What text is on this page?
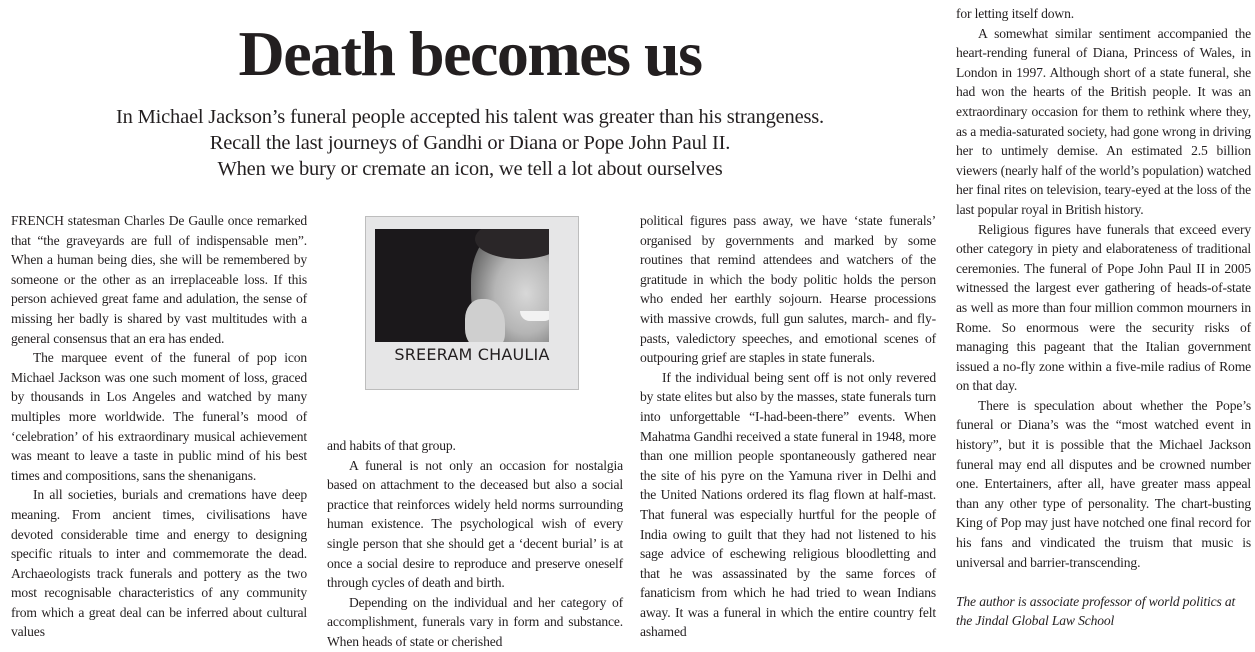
Death becomes us
In Michael Jackson’s funeral people accepted his talent was greater than his strangeness.
Recall the last journeys of Gandhi or Diana or Pope John Paul II.
When we bury or cremate an icon, we tell a lot about ourselves

FRENCH statesman Charles De Gaulle once remarked that “the graveyards are full of indispensable men”. When a human being dies, she will be remembered by someone or the other as an irreplaceable loss. If this person achieved great fame and adulation, the sense of missing her badly is shared by vast multitudes with a general consensus that an era has ended.

The marquee event of the funeral of pop icon Michael Jackson was one such moment of loss, graced by thousands in Los Angeles and watched by many multiples more worldwide. The funeral’s mood of ‘celebration’ of his extraordinary musical achievement was meant to leave a taste in public mind of his best times and compositions, sans the shenanigans.

In all societies, burials and cremations have deep meaning. From ancient times, civilisations have devoted considerable time and energy to designing specific rituals to inter and commemorate the dead. Archaeologists track funerals and pottery as the two most recognisable characteristics of any community from which a great deal can be inferred about cultural values

SREERAM CHAULIA

and habits of that group.

A funeral is not only an occasion for nostalgia based on attachment to the deceased but also a social practice that reinforces widely held norms surrounding human existence. The psychological wish of every single person that she should get a ‘decent burial’ is at once a social desire to reproduce and preserve oneself through cycles of death and birth.

Depending on the individual and her category of accomplishment, funerals vary in form and substance. When heads of state or cherished

political figures pass away, we have ‘state funerals’ organised by governments and marked by some routines that remind attendees and watchers of the gratitude in which the body politic holds the person who ended her earthly sojourn. Hearse processions with massive crowds, full gun salutes, march- and fly-pasts, valedictory speeches, and emotional scenes of outpouring grief are staples in state funerals.

If the individual being sent off is not only revered by state elites but also by the masses, state funerals turn into unforgettable “I-had-been-there” events. When Mahatma Gandhi received a state funeral in 1948, more than one million people spontaneously gathered near the site of his pyre on the Yamuna river in Delhi and the United Nations ordered its flag flown at half-mast. That funeral was especially hurtful for the people of India owing to guilt that they had not listened to his sage advice of eschewing religious bloodletting and that he was assassinated by the same forces of fanaticism from which he had tried to wean Indians away. It was a funeral in which the entire country felt ashamed

for letting itself down.

A somewhat similar sentiment accompanied the heart-rending funeral of Diana, Princess of Wales, in London in 1997. Although short of a state funeral, she had won the hearts of the British people. It was an extraordinary occasion for them to rethink where they, as a media-saturated society, had gone wrong in driving her to untimely demise. An estimated 2.5 billion viewers (nearly half of the world’s population) watched her final rites on television, teary-eyed at the loss of the last popular royal in British history.

Religious figures have funerals that exceed every other category in piety and elaborateness of traditional ceremonies. The funeral of Pope John Paul II in 2005 witnessed the largest ever gathering of heads-of-state as well as more than four million common mourners in Rome. So enormous were the security risks of managing this pageant that the Italian government issued a no-fly zone within a five-mile radius of Rome on that day.

There is speculation about whether the Pope’s funeral or Diana’s was the “most watched event in history”, but it is possible that the Michael Jackson funeral may end all disputes and be crowned number one. Entertainers, after all, have greater mass appeal than any other type of personality. The chart-busting King of Pop may just have notched one final record for his fans and vindicated the truism that music is universal and barrier-transcending.

The author is associate professor of world politics at the Jindal Global Law School
